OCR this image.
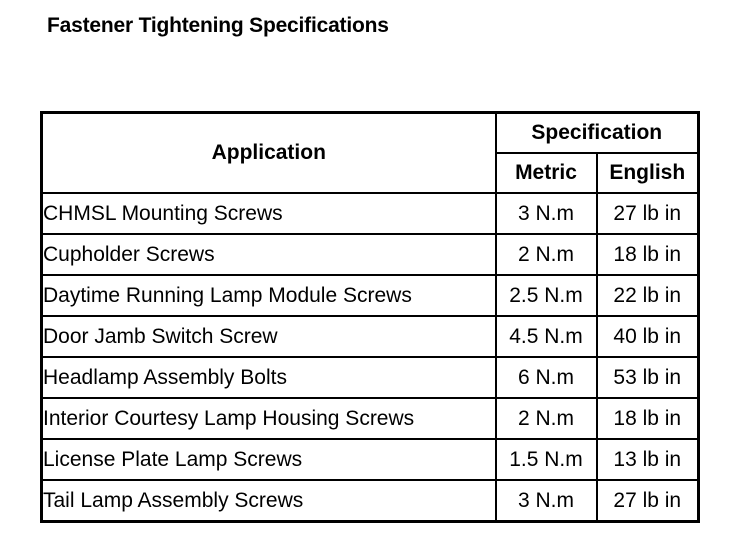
Fastener Tightening Specifications
Application	Specification	
	Metric	English
CHMSL Mounting Screws	3 N.m	27 lb in
Cupholder Screws	2 N.m	18 lb in
Daytime Running Lamp Module Screws	2.5 N.m	22 lb in
Door Jamb Switch Screw	4.5 N.m	40 lb in
Headlamp Assembly Bolts	6 N.m	53 lb in
Interior Courtesy Lamp Housing Screws	2 N.m	18 lb in
License Plate Lamp Screws	1.5 N.m	13 lb in
Tail Lamp Assembly Screws	3 N.m	27 lb in
